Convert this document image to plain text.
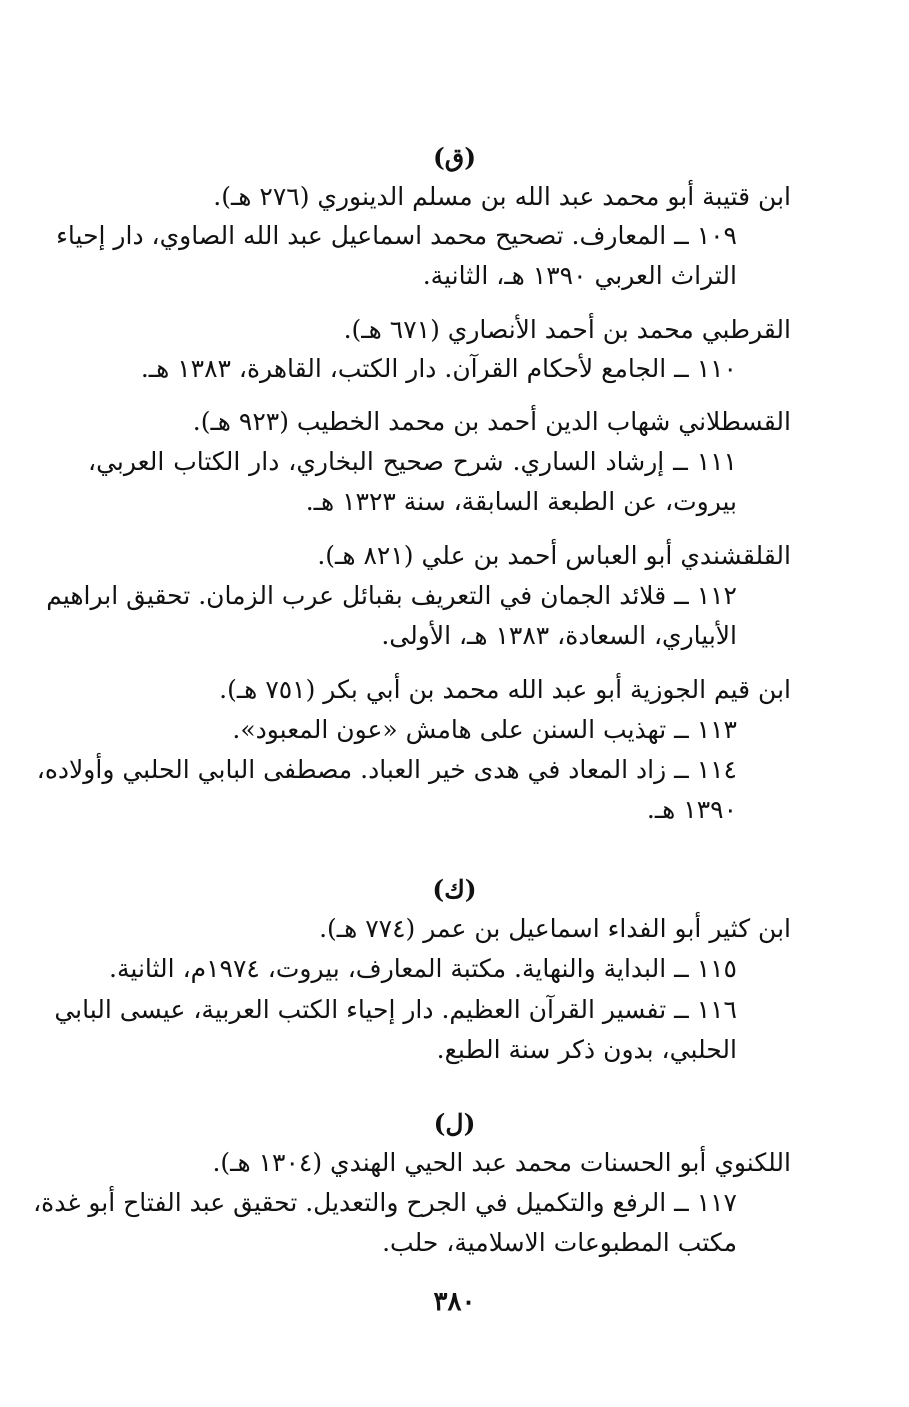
(ق)
ابن قتيبة أبو محمد عبد الله بن مسلم الدينوري (٢٧٦ هـ).
١٠٩ ــ المعارف. تصحيح محمد اسماعيل عبد الله الصاوي، دار إحياء
التراث العربي ١٣٩٠ هـ، الثانية.
القرطبي محمد بن أحمد الأنصاري (٦٧١ هـ).
١١٠ ــ الجامع لأحكام القرآن. دار الكتب، القاهرة، ١٣٨٣ هـ.
القسطلاني شهاب الدين أحمد بن محمد الخطيب (٩٢٣ هـ).
١١١ ــ إرشاد الساري. شرح صحيح البخاري، دار الكتاب العربي،
بيروت، عن الطبعة السابقة، سنة ١٣٢٣ هـ.
القلقشندي أبو العباس أحمد بن علي (٨٢١ هـ).
١١٢ ــ قلائد الجمان في التعريف بقبائل عرب الزمان. تحقيق ابراهيم
الأبياري، السعادة، ١٣٨٣ هـ، الأولى.
ابن قيم الجوزية أبو عبد الله محمد بن أبي بكر (٧٥١ هـ).
١١٣ ــ تهذيب السنن على هامش «عون المعبود».
١١٤ ــ زاد المعاد في هدى خير العباد. مصطفى البابي الحلبي وأولاده،
١٣٩٠ هـ.
(ك)
ابن كثير أبو الفداء اسماعيل بن عمر (٧٧٤ هـ).
١١٥ ــ البداية والنهاية. مكتبة المعارف، بيروت، ١٩٧٤م، الثانية.
١١٦ ــ تفسير القرآن العظيم. دار إحياء الكتب العربية، عيسى البابي
الحلبي، بدون ذكر سنة الطبع.
(ل)
اللكنوي أبو الحسنات محمد عبد الحيي الهندي (١٣٠٤ هـ).
١١٧ ــ الرفع والتكميل في الجرح والتعديل. تحقيق عبد الفتاح أبو غدة،
مكتب المطبوعات الاسلامية، حلب.
٣٨٠
